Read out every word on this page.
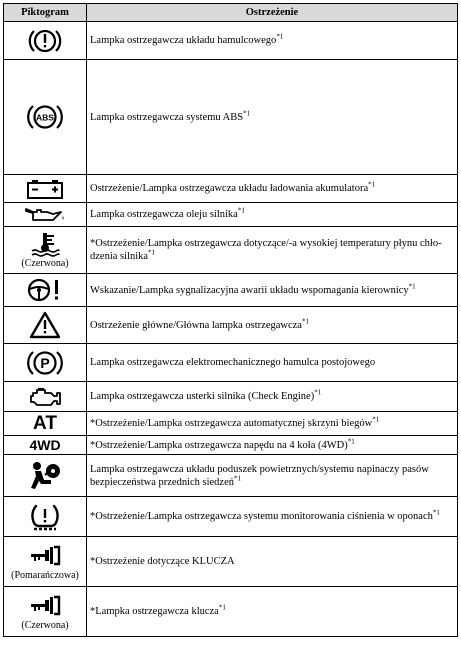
Piktogram	Ostrzeżenie

	Lampka ostrzegawcza układu hamulcowego$^{*1}$

ABS	Lampka ostrzegawcza systemu ABS$^{*1}$

	Ostrzeżenie/Lampka ostrzegawcza układu ładowania akumulatora$^{*1}$

	Lampka ostrzegawcza oleju silnika$^{*1}$

(Czerwona)	*Ostrzeżenie/Lampka ostrzegawcza dotyczące/-a wysokiej temperatury płynu chło-dzenia silnika$^{*1}$

	Wskazanie/Lampka sygnalizacyjna awarii układu wspomagania kierownicy$^{*1}$

	Ostrzeżenie główne/Główna lampka ostrzegawcza$^{*1}$

P	Lampka ostrzegawcza elektromechanicznego hamulca postojowego

	Lampka ostrzegawcza usterki silnika (Check Engine)$^{*1}$
AT	*Ostrzeżenie/Lampka ostrzegawcza automatycznej skrzyni biegów$^{*1}$
4WD	*Ostrzeżenie/Lampka ostrzegawcza napędu na 4 koła $(4WD)^{*1}$

	Lampka ostrzegawcza układu poduszek powietrznych/systemu napinaczy pasów bezpieczeństwa przednich siedzeń$^{*1}$

	*Ostrzeżenie/Lampka ostrzegawcza systemu monitorowania ciśnienia w oponach$^{*1}$

(Pomarańczowa)	*Ostrzeżenie dotyczące KLUCZA

(Czerwona)	*Lampka ostrzegawcza klucza$^{*1}$
